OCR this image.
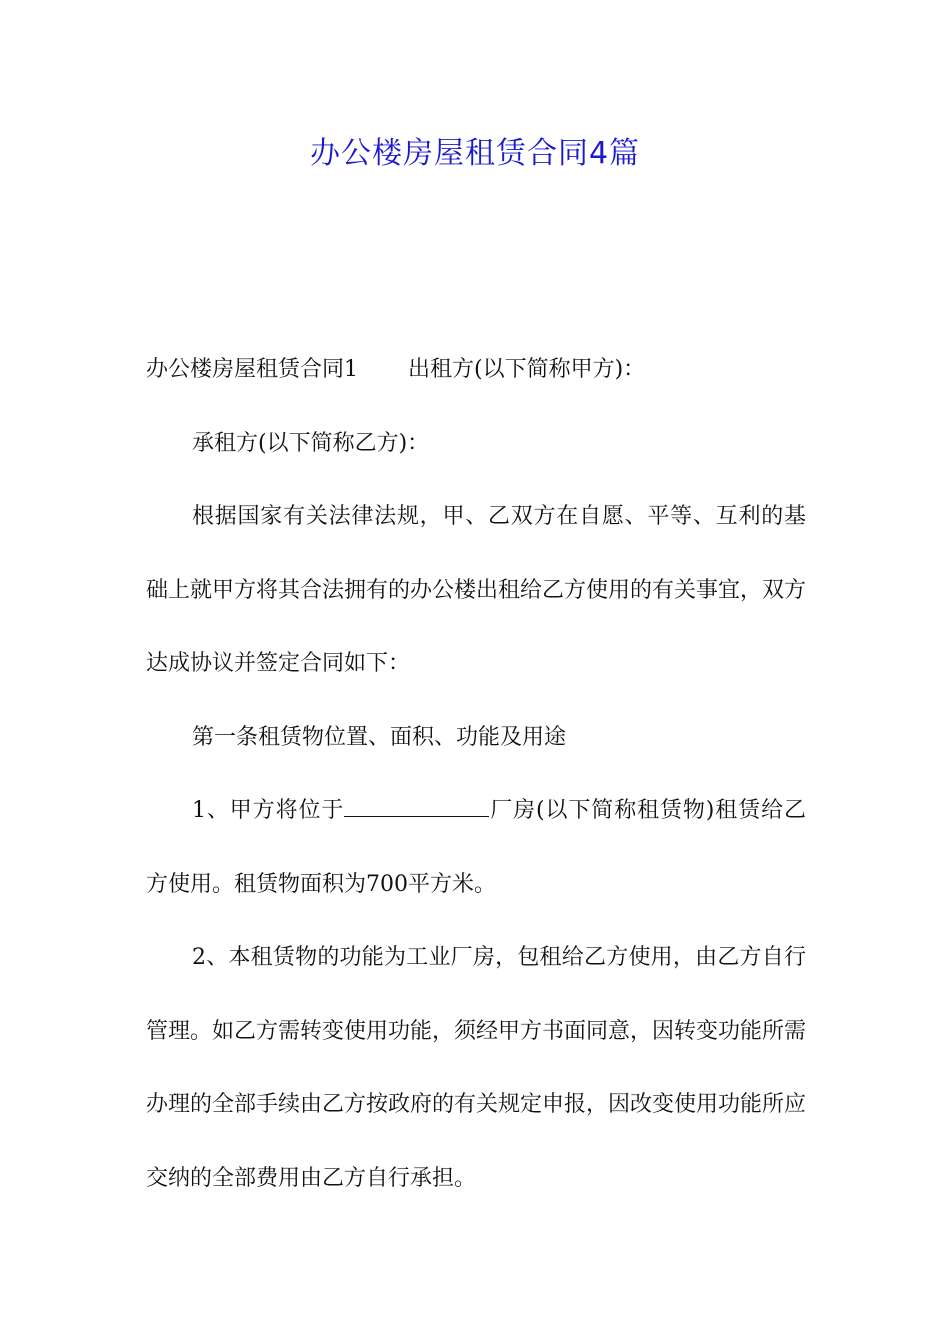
办公楼房屋租赁合同4篇

办公楼房屋租赁合同1 出租方(以下简称甲方)：

承租方(以下简称乙方)：

根据国家有关法律法规，甲、乙双方在自愿、平等、互利的基础上就甲方将其合法拥有的办公楼出租给乙方使用的有关事宜，双方达成协议并签定合同如下：

第一条租赁物位置、面积、功能及用途

1、甲方将位于	厂房(以下简称租赁物)租赁给乙方使用。租赁物面积为700平方米。

2、本租赁物的功能为工业厂房，包租给乙方使用，由乙方自行管理。如乙方需转变使用功能，须经甲方书面同意，因转变功能所需办理的全部手续由乙方按政府的有关规定申报，因改变使用功能所应交纳的全部费用由乙方自行承担。
